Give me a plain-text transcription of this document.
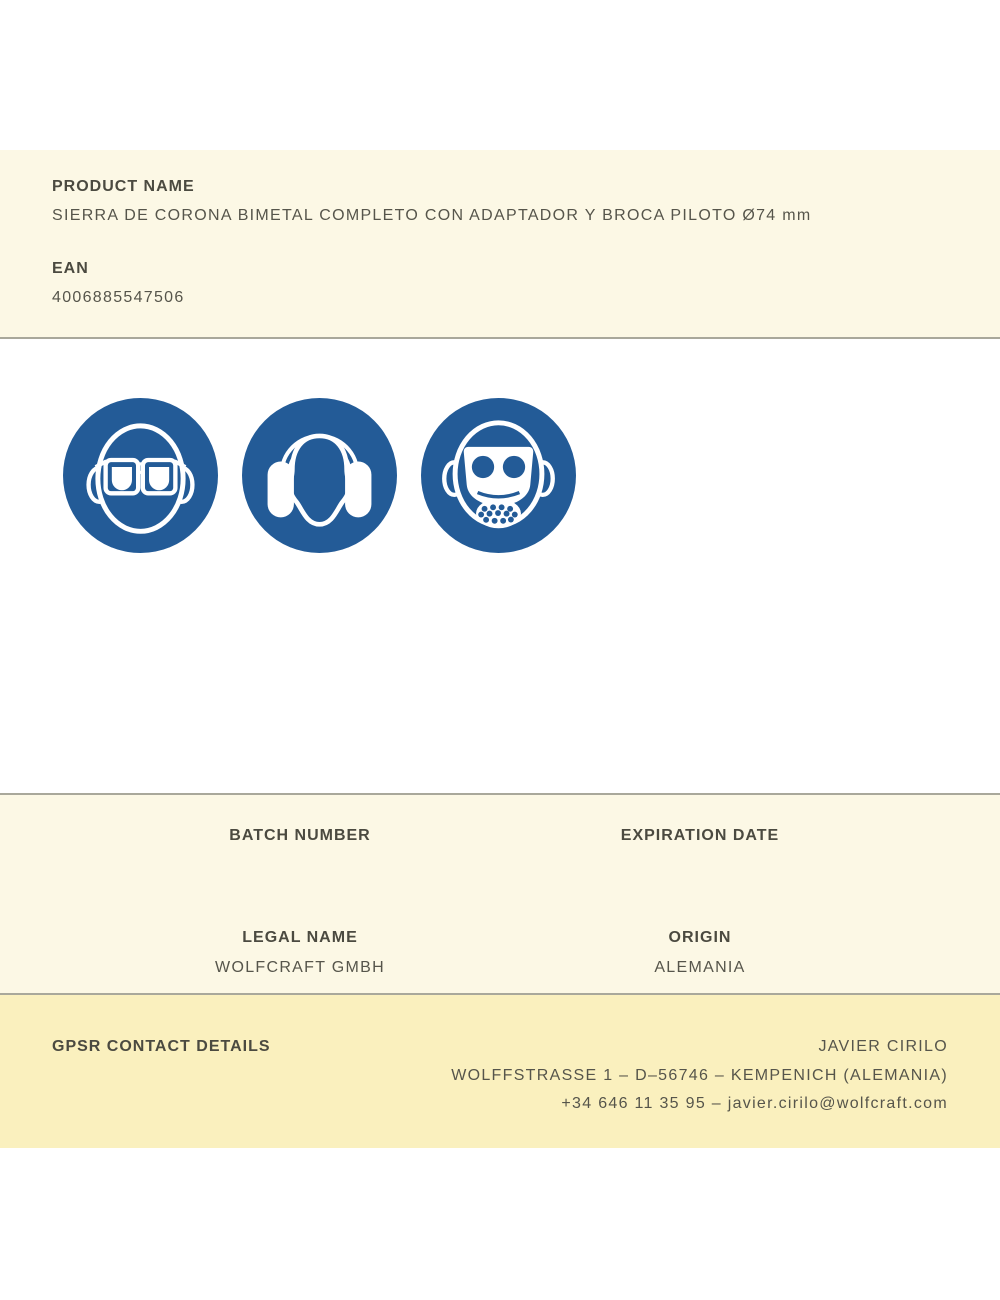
PRODUCT NAME
SIERRA DE CORONA BIMETAL COMPLETO CON ADAPTADOR Y BROCA PILOTO Ø74 mm
EAN
4006885547506
BATCH NUMBER	EXPIRATION DATE
LEGAL NAME
WOLFCRAFT GMBH
ORIGIN
ALEMANIA
GPSR CONTACT DETAILS	JAVIER CIRILO
WOLFFSTRASSE 1 – D–56746 – KEMPENICH (ALEMANIA)
+34 646 11 35 95 – javier.cirilo@wolfcraft.com
